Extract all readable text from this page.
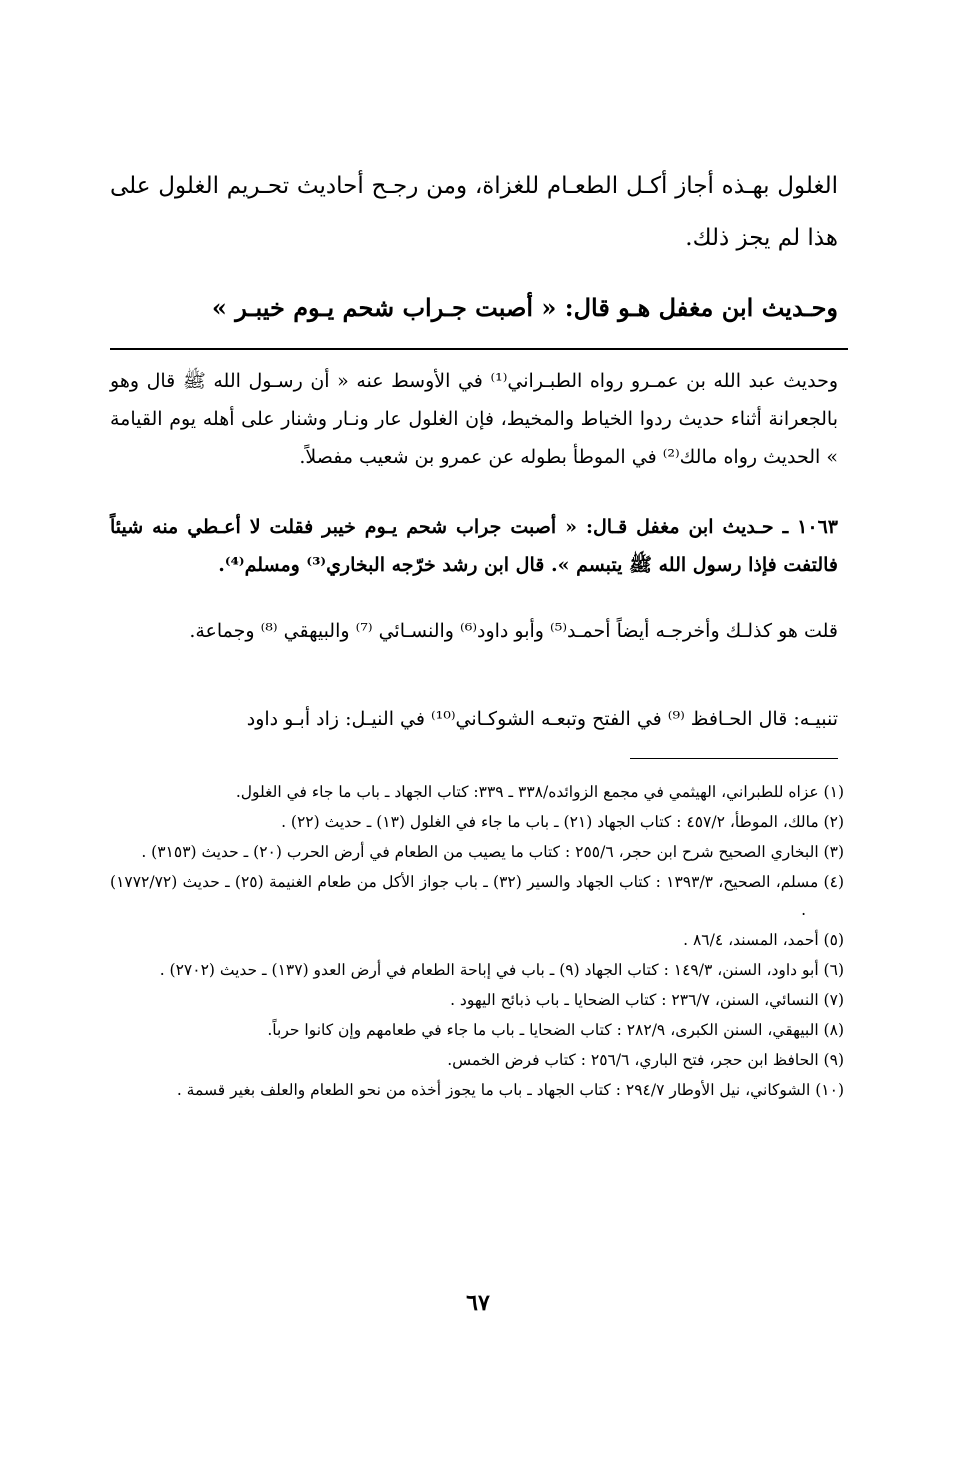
الغلول بهـذه أجاز أكـل الطعـام للغزاة، ومن رجـح أحاديث تحـريم الغلول على هذا لم يجز ذلك.

وحـديث ابن مغفل هـو قال: « أصبت جـراب شحم يـوم خيبـر »

وحديث عبد الله بن عمـرو رواه الطبـراني⁽¹⁾ في الأوسط عنه « أن رسـول الله ﷺ قال وهو بالجعرانة أثناء حديث ردوا الخياط والمخيط، فإن الغلول عار ونـار وشنار على أهله يوم القيامة » الحديث رواه مالك⁽²⁾ في الموطأ بطوله عن عمرو بن شعيب مفصلاً.

١٠٦٣ ـ حـديث ابن مغفل قـال: « أصبت جراب شحم يـوم خيبر فقلت لا أعـطي منه شيئاً فالتفت فإذا رسول الله ﷺ يتبسم ». قال ابن رشد خرّجه البخاري⁽³⁾ ومسلم⁽⁴⁾.

قلت هو كذلـك وأخرجـه أيضاً أحمـد⁽⁵⁾ وأبو داود⁽⁶⁾ والنسـائي ⁽⁷⁾ والبيهقي ⁽⁸⁾ وجماعة.

تنبيـه: قال الحـافظ ⁽⁹⁾ في الفتح وتبعـه الشوكـاني⁽¹⁰⁾ في النيـل: زاد أبـو داود

(١) عزاه للطبراني، الهيثمي في مجمع الزوائده/٣٣٨ ـ ٣٣٩: كتاب الجهاد ـ باب ما جاء في الغلول.
(٢) مالك، الموطأ، ٤٥٧/٢ : كتاب الجهاد (٢١) ـ باب ما جاء في الغلول (١٣) ـ حديث (٢٢) .
(٣) البخاري الصحيح شرح ابن حجر، ٢٥٥/٦ : كتاب ما يصيب من الطعام في أرض الحرب (٢٠) ـ حديث (٣١٥٣) .
(٤) مسلم، الصحيح، ١٣٩٣/٣ : كتاب الجهاد والسير (٣٢) ـ باب جواز الأكل من طعام الغنيمة (٢٥) ـ حديث (١٧٧٢/٧٢) .
(٥) أحمد، المسند، ٨٦/٤ .
(٦) أبو داود، السنن، ١٤٩/٣ : كتاب الجهاد (٩) ـ باب في إباحة الطعام في أرض العدو (١٣٧) ـ حديث (٢٧٠٢) .
(٧) النسائي، السنن، ٢٣٦/٧ : كتاب الضحايا ـ باب ذبائح اليهود .
(٨) البيهقي، السنن الكبرى، ٢٨٢/٩ : كتاب الضحايا ـ باب ما جاء في طعامهم وإن كانوا حرباً.
(٩) الحافظ ابن حجر، فتح الباري، ٢٥٦/٦ : كتاب فرض الخمس.
(١٠) الشوكاني، نيل الأوطار ٢٩٤/٧ : كتاب الجهاد ـ باب ما يجوز أخذه من نحو الطعام والعلف بغير قسمة .
٦٧
